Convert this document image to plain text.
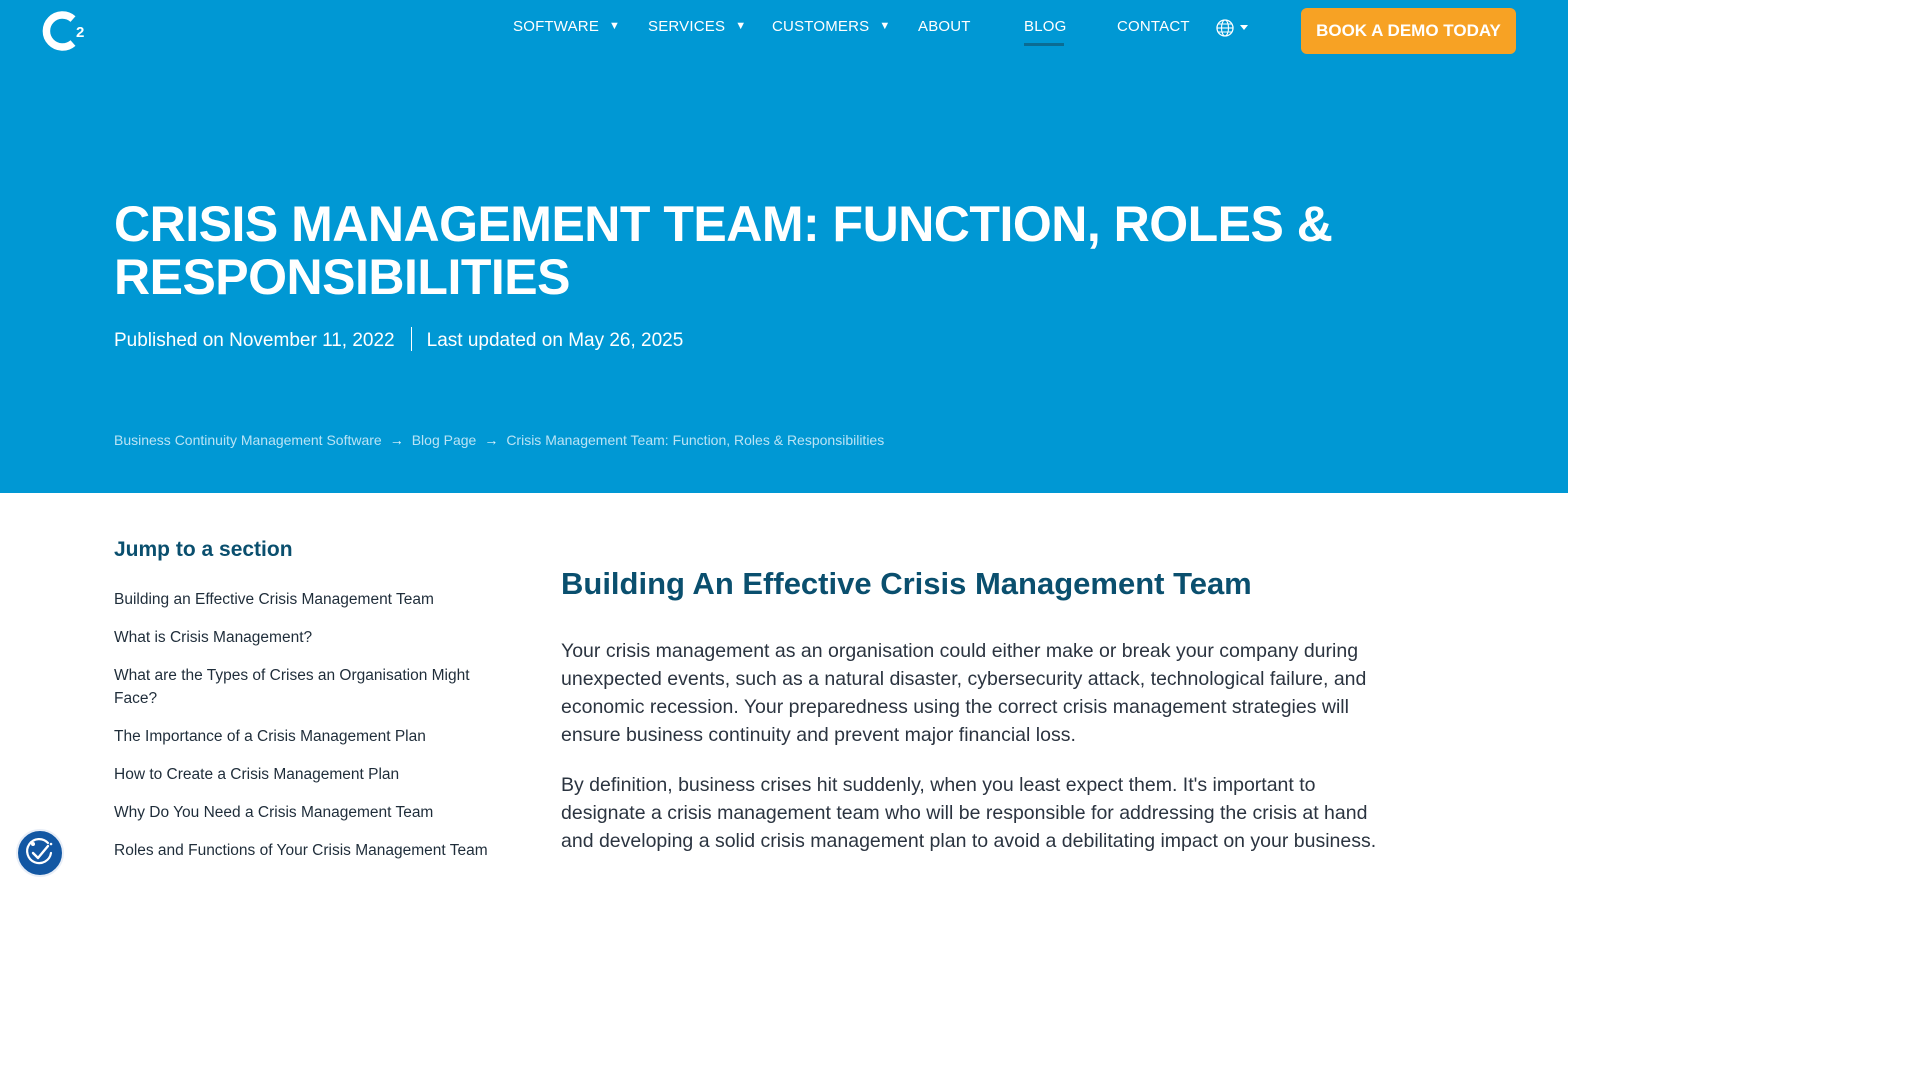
2	SOFTWARE ▼ SERVICES ▼ CUSTOMERS ▼ ABOUT	BLOG	CONTACT	BOOK A DEMO TODAY
CRISIS MANAGEMENT TEAM: FUNCTION, ROLES & RESPONSIBILITIES
Published on November 11, 2022 Last updated on May 26, 2025
Business Continuity Management Software → Blog Page → Crisis Management Team: Function, Roles & Responsibilities
Jump to a section
Building an Effective Crisis Management Team
What is Crisis Management?
What are the Types of Crises an Organisation Might Face?
The Importance of a Crisis Management Plan
How to Create a Crisis Management Plan
Why Do You Need a Crisis Management Team
Roles and Functions of Your Crisis Management Team
Building An Effective Crisis Management Team

Your crisis management as an organisation could either make or break your company during unexpected events, such as a natural disaster, cybersecurity attack, technological failure, and economic recession. Your preparedness using the correct crisis management strategies will ensure business continuity and prevent major financial loss.

By definition, business crises hit suddenly, when you least expect them. It's important to designate a crisis management team who will be responsible for addressing the crisis at hand and developing a solid crisis management plan to avoid a debilitating impact on your business.
